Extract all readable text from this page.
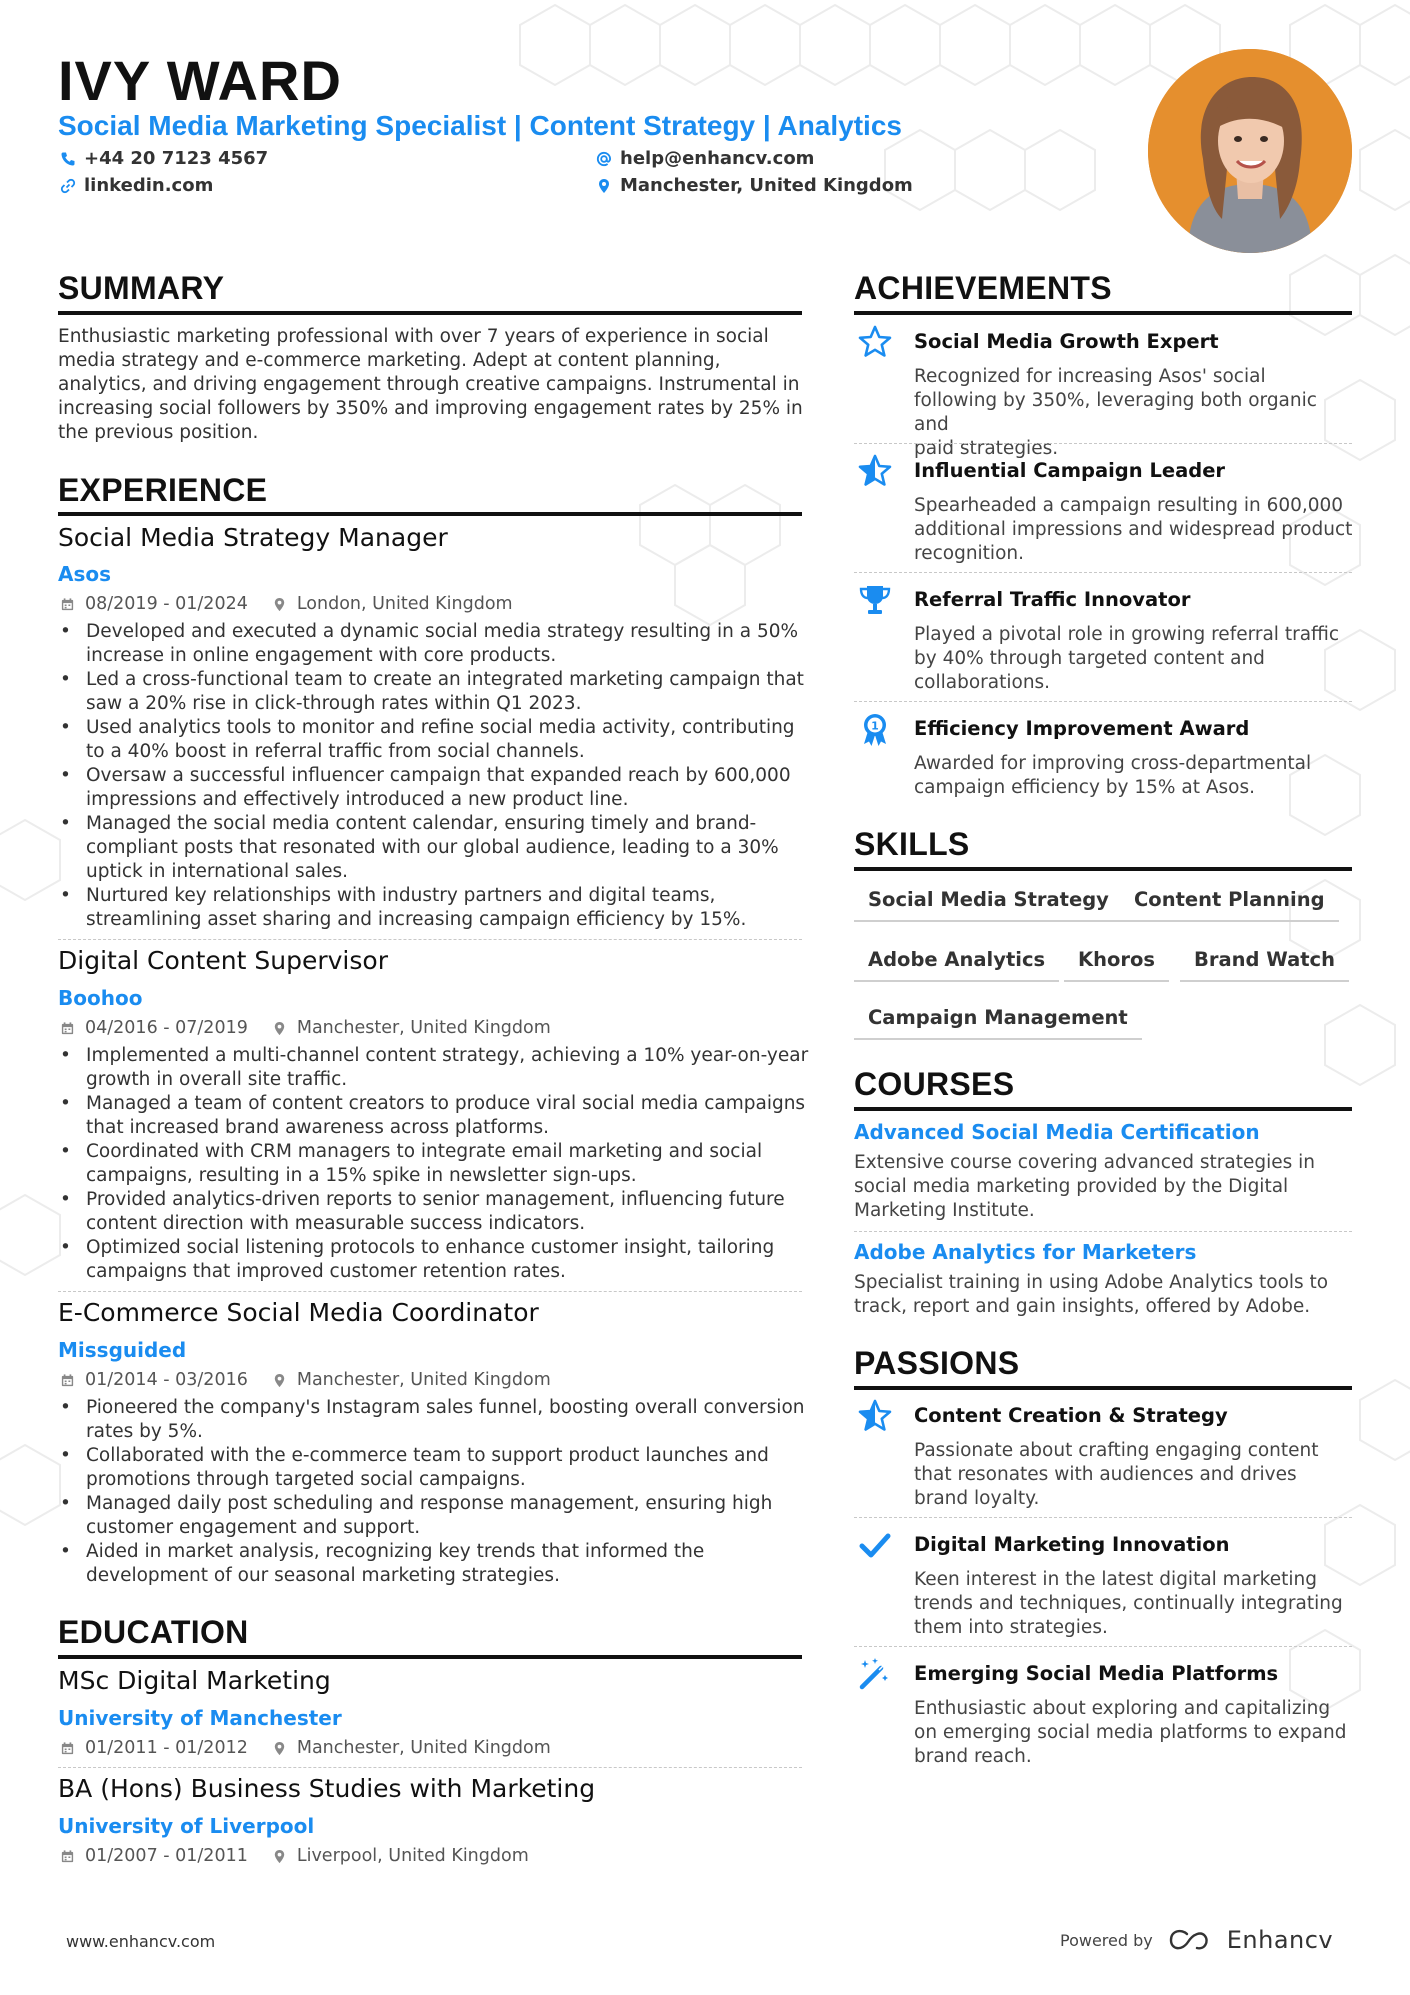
IVY WARD
Social Media Marketing Specialist | Content Strategy | Analytics
+44 20 7123 4567	help@enhancv.com
linkedin.com	Manchester, United Kingdom
SUMMARY
Enthusiastic marketing professional with over 7 years of experience in social
media strategy and e-commerce marketing. Adept at content planning,
analytics, and driving engagement through creative campaigns. Instrumental in
increasing social followers by 350% and improving engagement rates by 25% in
the previous position.
EXPERIENCE
Social Media Strategy Manager
Asos
08/2019 - 01/2024	London, United Kingdom
• Developed and executed a dynamic social media strategy resulting in a 50%
increase in online engagement with core products.
• Led a cross-functional team to create an integrated marketing campaign that
saw a 20% rise in click-through rates within Q1 2023.
• Used analytics tools to monitor and refine social media activity, contributing
to a 40% boost in referral traffic from social channels.
• Oversaw a successful influencer campaign that expanded reach by 600,000
impressions and effectively introduced a new product line.
• Managed the social media content calendar, ensuring timely and brand-
compliant posts that resonated with our global audience, leading to a 30%
uptick in international sales.
• Nurtured key relationships with industry partners and digital teams,
streamlining asset sharing and increasing campaign efficiency by 15%.
Digital Content Supervisor
Boohoo
04/2016 - 07/2019	Manchester, United Kingdom
• Implemented a multi-channel content strategy, achieving a 10% year-on-year
growth in overall site traffic.
• Managed a team of content creators to produce viral social media campaigns
that increased brand awareness across platforms.
• Coordinated with CRM managers to integrate email marketing and social
campaigns, resulting in a 15% spike in newsletter sign-ups.
• Provided analytics-driven reports to senior management, influencing future
content direction with measurable success indicators.
• Optimized social listening protocols to enhance customer insight, tailoring
campaigns that improved customer retention rates.
E-Commerce Social Media Coordinator
Missguided
01/2014 - 03/2016	Manchester, United Kingdom
• Pioneered the company's Instagram sales funnel, boosting overall conversion
rates by 5%.
• Collaborated with the e-commerce team to support product launches and
promotions through targeted social campaigns.
• Managed daily post scheduling and response management, ensuring high
customer engagement and support.
• Aided in market analysis, recognizing key trends that informed the
development of our seasonal marketing strategies.
EDUCATION
MSc Digital Marketing
University of Manchester
01/2011 - 01/2012	Manchester, United Kingdom
BA (Hons) Business Studies with Marketing
University of Liverpool
01/2007 - 01/2011	Liverpool, United Kingdom
ACHIEVEMENTS
Social Media Growth Expert
Recognized for increasing Asos' social
following by 350%, leveraging both organic and
paid strategies.
Influential Campaign Leader
Spearheaded a campaign resulting in 600,000
additional impressions and widespread product
recognition.
Referral Traffic Innovator
Played a pivotal role in growing referral traffic
by 40% through targeted content and
collaborations.
1 Efficiency Improvement Award
Awarded for improving cross-departmental
campaign efficiency by 15% at Asos.
SKILLS
Social Media Strategy	Content Planning
Adobe Analytics	Khoros	Brand Watch
Campaign Management
COURSES
Advanced Social Media Certification
Extensive course covering advanced strategies in
social media marketing provided by the Digital
Marketing Institute.
Adobe Analytics for Marketers
Specialist training in using Adobe Analytics tools to
track, report and gain insights, offered by Adobe.
PASSIONS
Content Creation & Strategy
Passionate about crafting engaging content
that resonates with audiences and drives
brand loyalty.
Digital Marketing Innovation
Keen interest in the latest digital marketing
trends and techniques, continually integrating
them into strategies.
Emerging Social Media Platforms
Enthusiastic about exploring and capitalizing
on emerging social media platforms to expand
brand reach.
www.enhancv.com	Powered by	Enhancv
